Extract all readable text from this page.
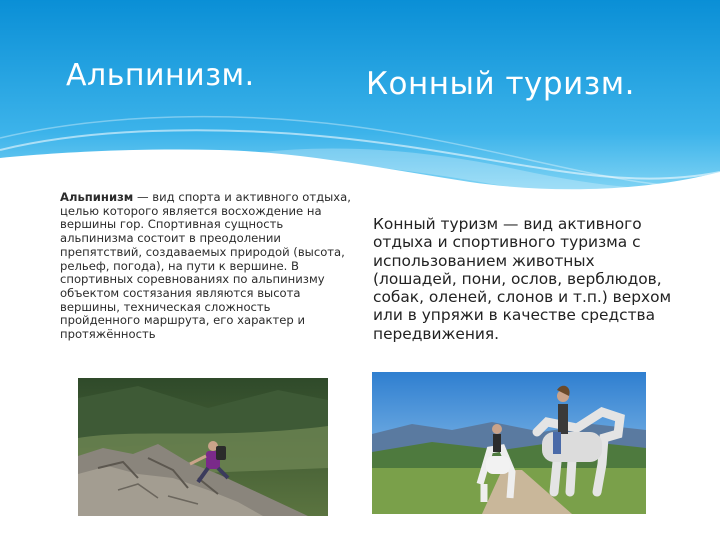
Альпинизм.	Конный туризм.
Альпинизм — вид спорта и активного отдыха, целью которого является восхождение на вершины гор. Спортивная сущность альпинизма состоит в преодолении препятствий, создаваемых природой (высота, рельеф, погода), на пути к вершине. В спортивных соревнованиях по альпинизму объектом состязания являются высота вершины, техническая сложность пройденного маршрута, его характер и протяжённость
Конный туризм — вид активного отдыха и спортивного туризма с использованием животных (лошадей, пони, ослов, верблюдов, собак, оленей, слонов и т.п.) верхом или в упряжи в качестве средства передвижения.
